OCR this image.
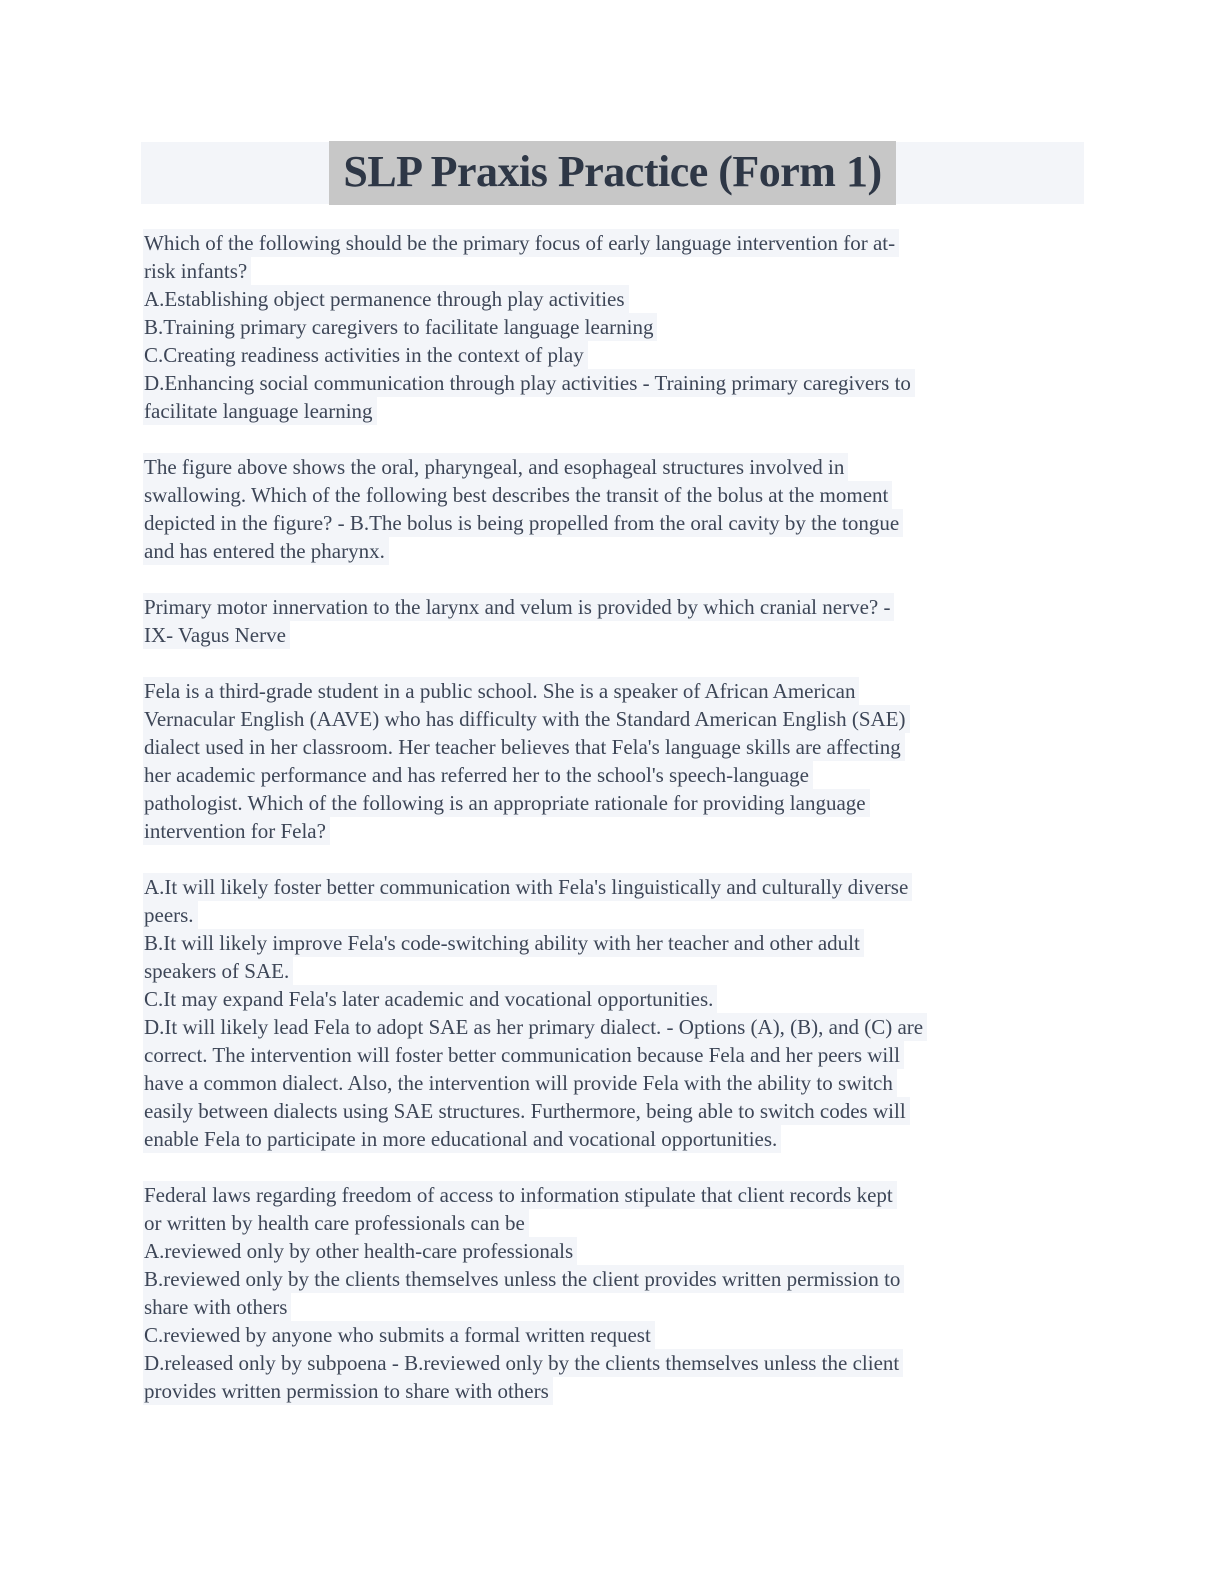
SLP Praxis Practice (Form 1)
Which of the following should be the primary focus of early language intervention for at-
risk infants?
A.Establishing object permanence through play activities
B.Training primary caregivers to facilitate language learning
C.Creating readiness activities in the context of play
D.Enhancing social communication through play activities - Training primary caregivers to
facilitate language learning
The figure above shows the oral, pharyngeal, and esophageal structures involved in
swallowing. Which of the following best describes the transit of the bolus at the moment
depicted in the figure? - B.The bolus is being propelled from the oral cavity by the tongue
and has entered the pharynx.
Primary motor innervation to the larynx and velum is provided by which cranial nerve? -
IX- Vagus Nerve
Fela is a third-grade student in a public school. She is a speaker of African American
Vernacular English (AAVE) who has difficulty with the Standard American English (SAE)
dialect used in her classroom. Her teacher believes that Fela's language skills are affecting
her academic performance and has referred her to the school's speech-language
pathologist. Which of the following is an appropriate rationale for providing language
intervention for Fela?
A.It will likely foster better communication with Fela's linguistically and culturally diverse
peers.
B.It will likely improve Fela's code-switching ability with her teacher and other adult
speakers of SAE.
C.It may expand Fela's later academic and vocational opportunities.
D.It will likely lead Fela to adopt SAE as her primary dialect. - Options (A), (B), and (C) are
correct. The intervention will foster better communication because Fela and her peers will
have a common dialect. Also, the intervention will provide Fela with the ability to switch
easily between dialects using SAE structures. Furthermore, being able to switch codes will
enable Fela to participate in more educational and vocational opportunities.
Federal laws regarding freedom of access to information stipulate that client records kept
or written by health care professionals can be
A.reviewed only by other health-care professionals
B.reviewed only by the clients themselves unless the client provides written permission to
share with others
C.reviewed by anyone who submits a formal written request
D.released only by subpoena - B.reviewed only by the clients themselves unless the client
provides written permission to share with others
